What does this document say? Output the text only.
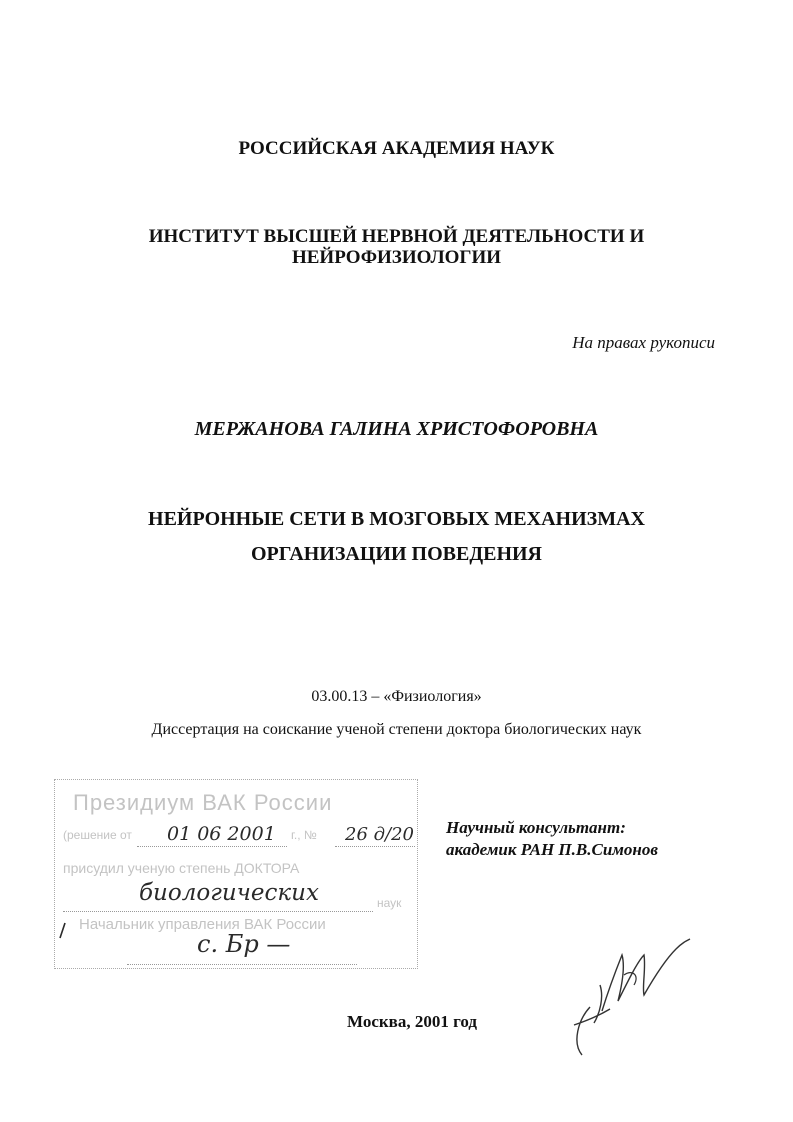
РОССИЙСКАЯ АКАДЕМИЯ НАУК
ИНСТИТУТ ВЫСШЕЙ НЕРВНОЙ ДЕЯТЕЛЬНОСТИ И
НЕЙРОФИЗИОЛОГИИ
На правах рукописи
МЕРЖАНОВА ГАЛИНА ХРИСТОФОРОВНА
НЕЙРОННЫЕ СЕТИ В МОЗГОВЫХ МЕХАНИЗМАХ
ОРГАНИЗАЦИИ ПОВЕДЕНИЯ
03.00.13 – «Физиология»
Диссертация на соискание ученой степени доктора биологических наук
Президиум ВАК России
(решение от	г., №
присудил ученую степень ДОКТОРА
наук
Начальник управления ВАК России
01 06 2001	26 д/20
биологических
с. Бр —
Научный консультант:
академик РАН П.В.Симонов
Москва, 2001 год
